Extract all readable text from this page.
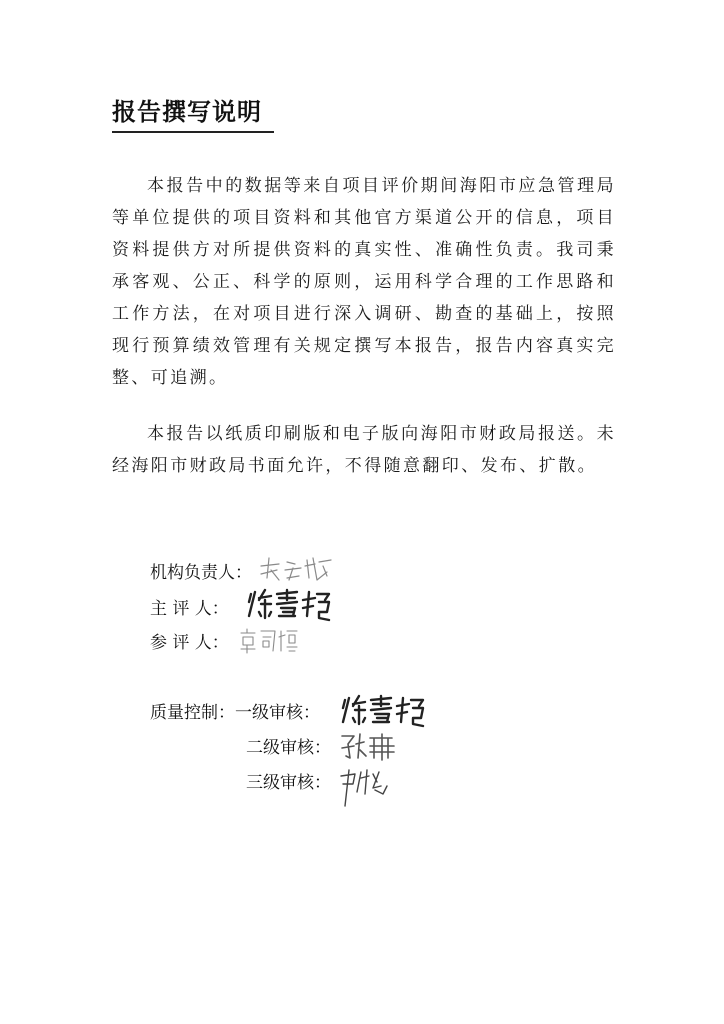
报告撰写说明

本报告中的数据等来自项目评价期间海阳市应急管理局等单位提供的项目资料和其他官方渠道公开的信息，项目资料提供方对所提供资料的真实性、准确性负责。我司秉承客观、公正、科学的原则，运用科学合理的工作思路和工作方法，在对项目进行深入调研、勘查的基础上，按照现行预算绩效管理有关规定撰写本报告，报告内容真实完整、可追溯。

本报告以纸质印刷版和电子版向海阳市财政局报送。未经海阳市财政局书面允许，不得随意翻印、发布、扩散。

机构负责人：
主 评 人：
参 评 人：
质量控制：一级审核：
二级审核：
三级审核：
